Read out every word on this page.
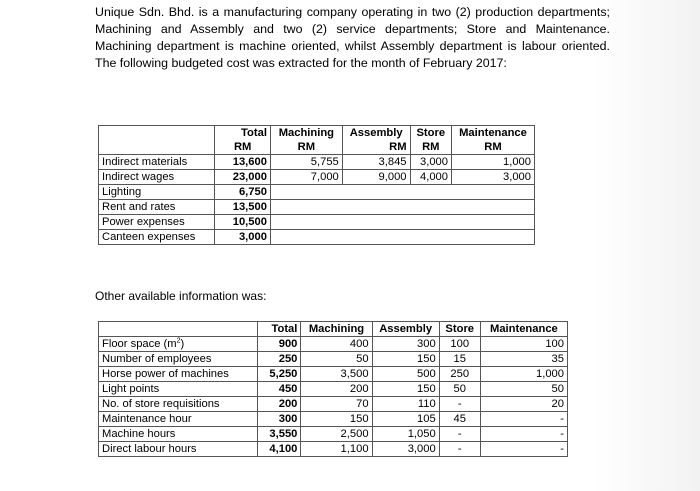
Unique Sdn. Bhd. is a manufacturing company operating in two (2) production departments; Machining and Assembly and two (2) service departments; Store and Maintenance. Machining department is machine oriented, whilst Assembly department is labour oriented. The following budgeted cost was extracted for the month of February 2017:
	Total	Machining	Assembly	Store	Maintenance
	RM	RM	RM	RM	RM
Indirect materials	13,600	5,755	3,845	3,000	1,000
Indirect wages	23,000	7,000	9,000	4,000	3,000
Lighting	6,750				
Rent and rates	13,500				
Power expenses	10,500				
Canteen expenses	3,000				
Other available information was:
	Total	Machining	Assembly	Store	Maintenance
Floor space $(m^2)$	900	400	300	100	100
Number of employees	250	50	150	15	35
Horse power of machines	5,250	3,500	500	250	1,000
Light points	450	200	150	50	50
No. of store requisitions	200	70	110	-	20
Maintenance hour	300	150	105	45	-
Machine hours	3,550	2,500	1,050	-	-
Direct labour hours	4,100	1,100	3,000	-	-
